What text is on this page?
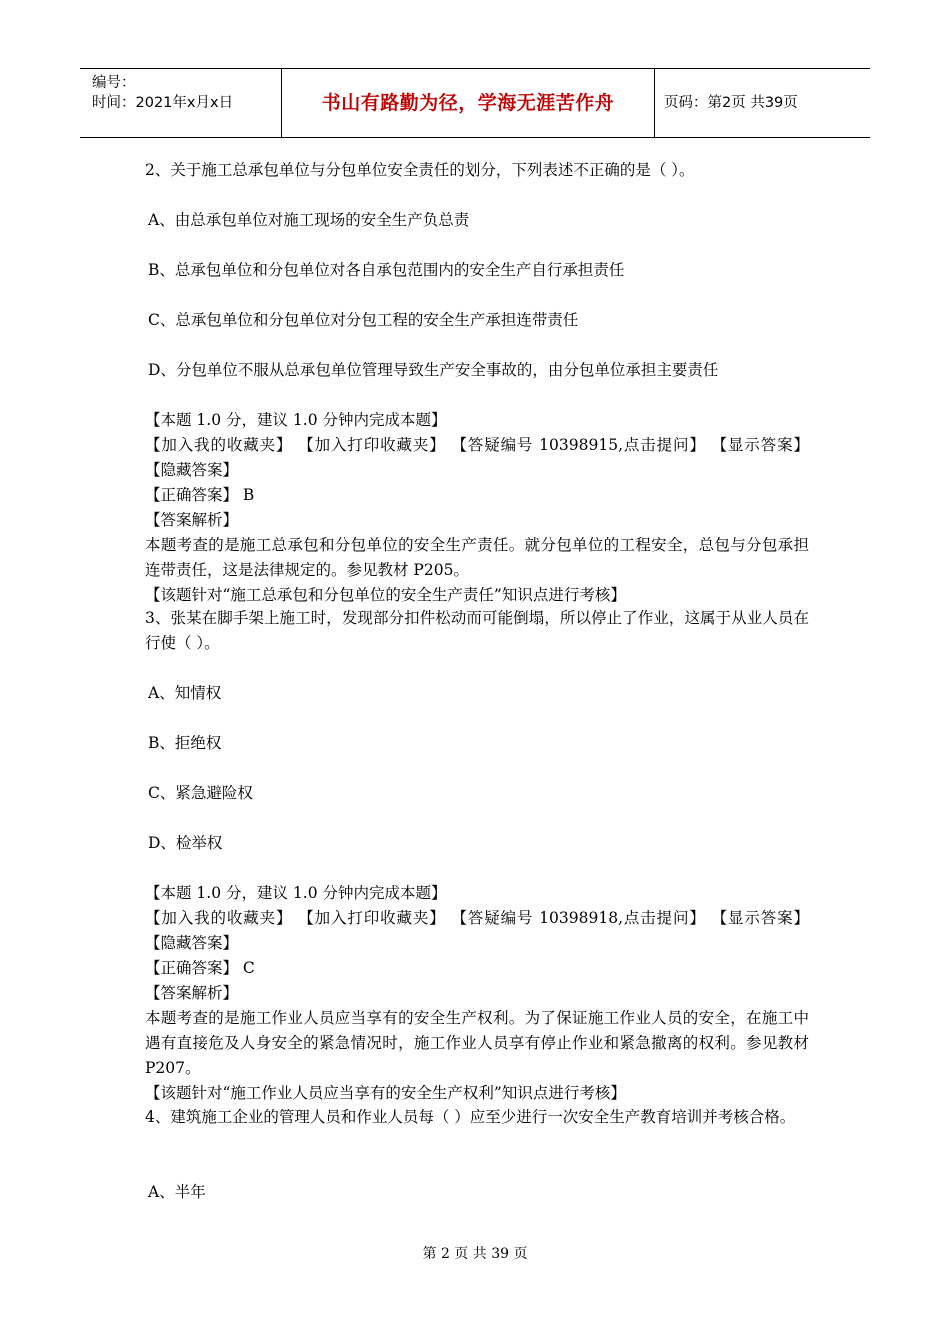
编号：
时间：2021年x月x日	书山有路勤为径，学海无涯苦作舟	页码：第2页 共39页
2、关于施工总承包单位与分包单位安全责任的划分，下列表述不正确的是（ ）。
A、由总承包单位对施工现场的安全生产负总责
B、总承包单位和分包单位对各自承包范围内的安全生产自行承担责任
C、总承包单位和分包单位对分包工程的安全生产承担连带责任
D、分包单位不服从总承包单位管理导致生产安全事故的，由分包单位承担主要责任
【本题 1.0 分，建议 1.0 分钟内完成本题】
【加入我的收藏夹】 【加入打印收藏夹】 【答疑编号 10398915,点击提问】 【显示答案】 【隐藏答案】
【正确答案】 B
【答案解析】
本题考查的是施工总承包和分包单位的安全生产责任。就分包单位的工程安全，总包与分包承担连带责任，这是法律规定的。参见教材 P205。
【该题针对“施工总承包和分包单位的安全生产责任”知识点进行考核】
3、张某在脚手架上施工时，发现部分扣件松动而可能倒塌，所以停止了作业，这属于从业人员在行使（ ）。
A、知情权
B、拒绝权
C、紧急避险权
D、检举权
【本题 1.0 分，建议 1.0 分钟内完成本题】
【加入我的收藏夹】 【加入打印收藏夹】 【答疑编号 10398918,点击提问】 【显示答案】 【隐藏答案】
【正确答案】 C
【答案解析】
本题考查的是施工作业人员应当享有的安全生产权利。为了保证施工作业人员的安全，在施工中遇有直接危及人身安全的紧急情况时，施工作业人员享有停止作业和紧急撤离的权利。参见教材 P207。
【该题针对“施工作业人员应当享有的安全生产权利”知识点进行考核】
4、建筑施工企业的管理人员和作业人员每（ ）应至少进行一次安全生产教育培训并考核合格。
A、半年
第 2 页 共 39 页
